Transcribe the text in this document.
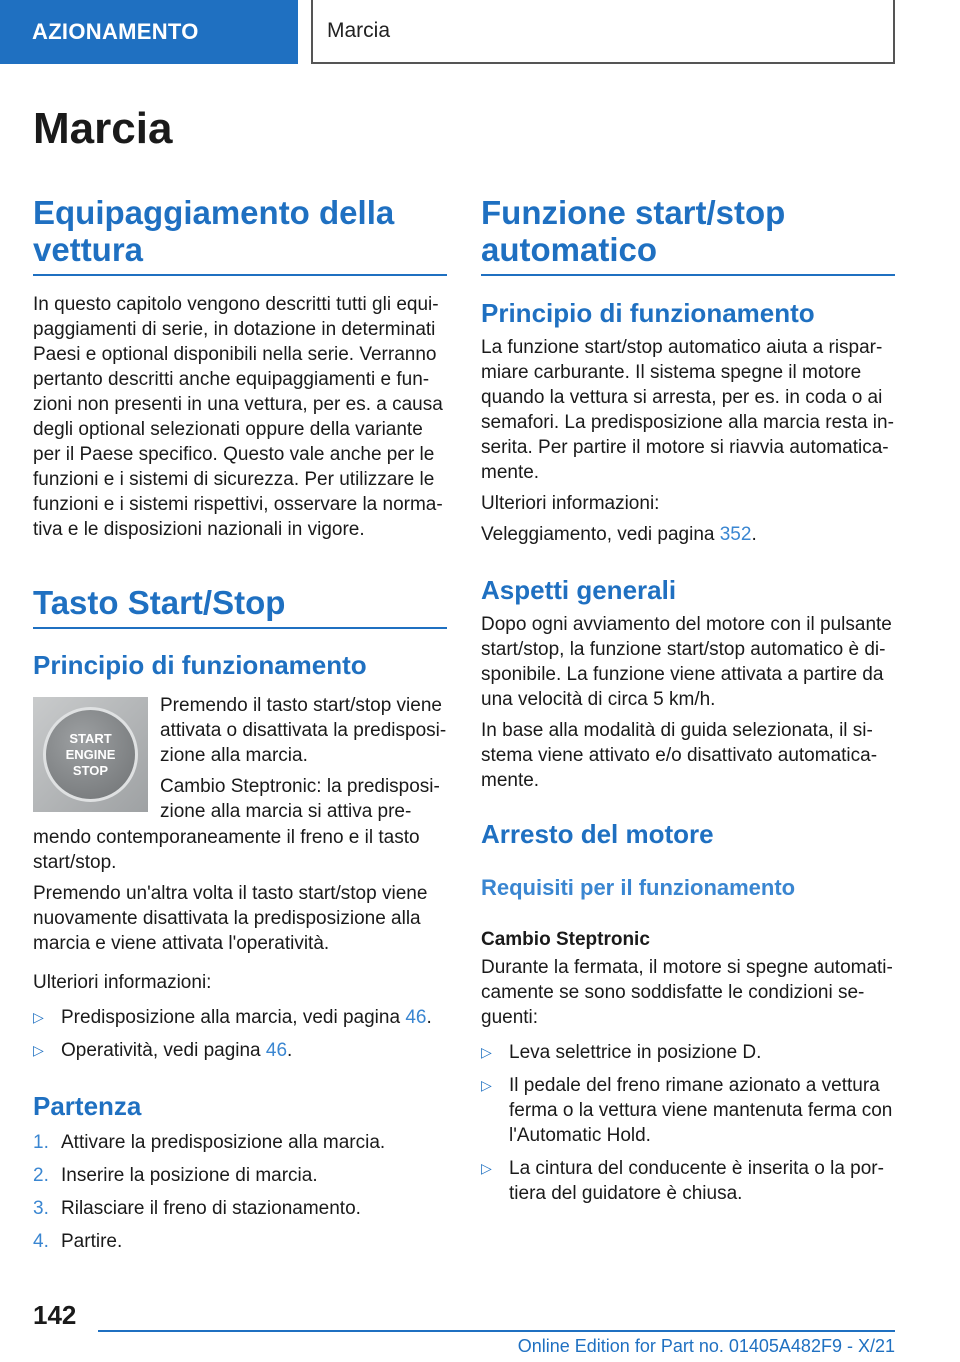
AZIONAMENTO	Marcia
Marcia
Equipaggiamento della vettura

In questo capitolo vengono descritti tutti gli equi-paggiamenti di serie, in dotazione in determinati Paesi e optional disponibili nella serie. Verranno pertanto descritti anche equipaggiamenti e fun-zioni non presenti in una vettura, per es. a causa degli optional selezionati oppure della variante per il Paese specifico. Questo vale anche per le funzioni e i sistemi di sicurezza. Per utilizzare le funzioni e i sistemi rispettivi, osservare la norma-tiva e le disposizioni nazionali in vigore.

Tasto Start/Stop
Principio di funzionamento
START
ENGINE
STOP

Premendo il tasto start/stop viene attivata o disattivata la predisposi-zione alla marcia.

Cambio Steptronic: la predisposi-zione alla marcia si attiva pre-

mendo contemporaneamente il freno e il tasto start/stop.

Premendo un'altra volta il tasto start/stop viene nuovamente disattivata la predisposizione alla marcia e viene attivata l'operatività.

Ulteriori informazioni:

▷ Predisposizione alla marcia, vedi pagina 46.
▷ Operatività, vedi pagina 46.
Partenza
1. Attivare la predisposizione alla marcia.
2. Inserire la posizione di marcia.
3. Rilasciare il freno di stazionamento.
4. Partire.
Funzione start/stop automatico
Principio di funzionamento

La funzione start/stop automatico aiuta a rispar-miare carburante. Il sistema spegne il motore quando la vettura si arresta, per es. in coda o ai semafori. La predisposizione alla marcia resta in-serita. Per partire il motore si riavvia automatica-mente.

Ulteriori informazioni:

Veleggiamento, vedi pagina 352.

Aspetti generali

Dopo ogni avviamento del motore con il pulsante start/stop, la funzione start/stop automatico è di-sponibile. La funzione viene attivata a partire da una velocità di circa 5 km/h.

In base alla modalità di guida selezionata, il si-stema viene attivato e/o disattivato automatica-mente.

Arresto del motore
Requisiti per il funzionamento
Cambio Steptronic

Durante la fermata, il motore si spegne automati-camente se sono soddisfatte le condizioni se-guenti:

▷ Leva selettrice in posizione D.
▷ Il pedale del freno rimane azionato a vettura ferma o la vettura viene mantenuta ferma con l'Automatic Hold.
▷ La cintura del conducente è inserita o la por-tiera del guidatore è chiusa.
142
Online Edition for Part no. 01405A482F9 - X/21
